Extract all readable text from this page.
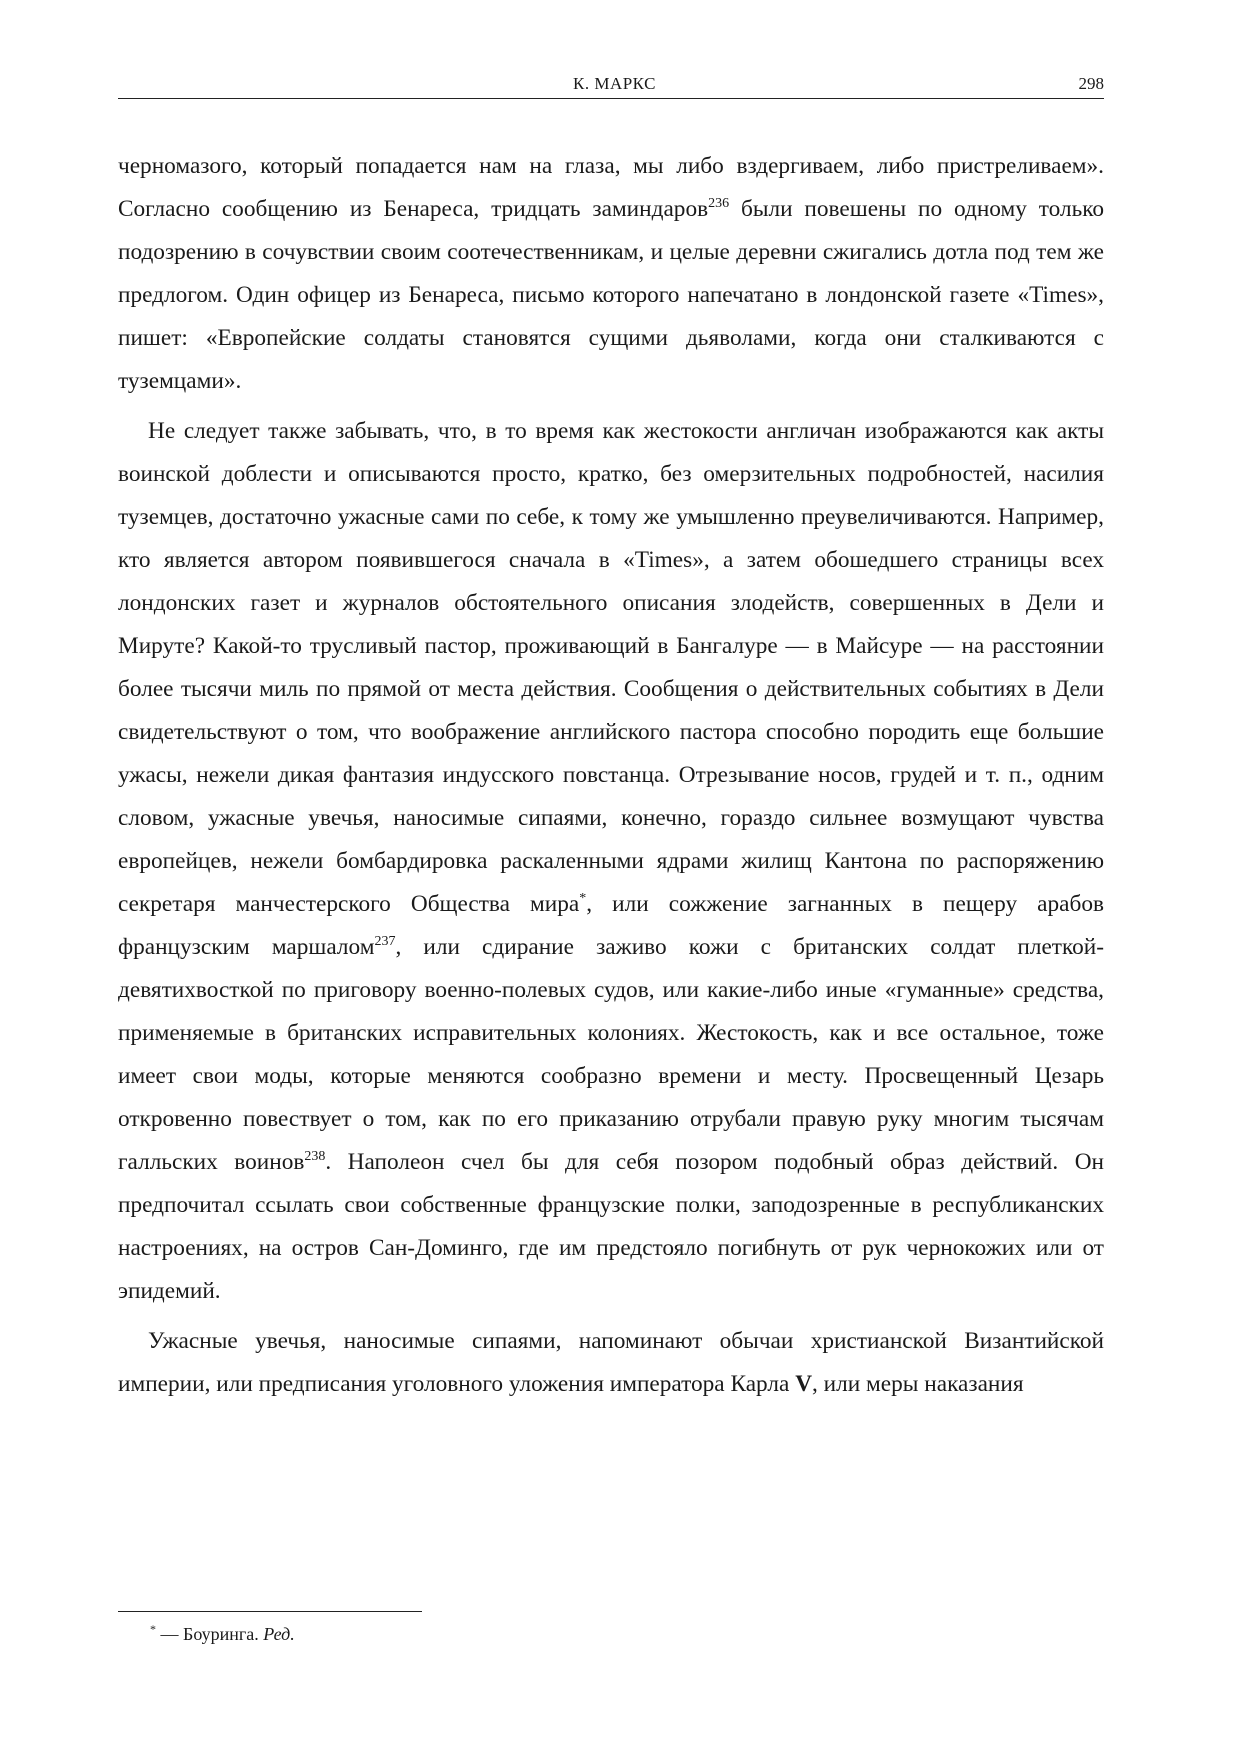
К. МАРКС	298

черномазого, который попадается нам на глаза, мы либо вздергиваем, либо пристреливаем». Согласно сообщению из Бенареса, тридцать заминдаров$^{236}$ были повешены по одному только подозрению в сочувствии своим соотечественникам, и целые деревни сжигались дотла под тем же предлогом. Один офицер из Бенареса, письмо которого напечатано в лондонской газете «Times», пишет: «Европейские солдаты становятся сущими дьяволами, когда они сталкиваются с туземцами».

Не следует также забывать, что, в то время как жестокости англичан изображаются как акты воинской доблести и описываются просто, кратко, без омерзительных подробностей, насилия туземцев, достаточно ужасные сами по себе, к тому же умышленно преувеличиваются. Например, кто является автором появившегося сначала в «Times», а затем обошедшего страницы всех лондонских газет и журналов обстоятельного описания злодейств, совершенных в Дели и Мируте? Какой-то трусливый пастор, проживающий в Бангалуре — в Майсуре — на расстоянии более тысячи миль по прямой от места действия. Сообщения о действительных событиях в Дели свидетельствуют о том, что воображение английского пастора способно породить еще большие ужасы, нежели дикая фантазия индусского повстанца. Отрезывание носов, грудей и т. п., одним словом, ужасные увечья, наносимые сипаями, конечно, гораздо сильнее возмущают чувства европейцев, нежели бомбардировка раскаленными ядрами жилищ Кантона по распоряжению секретаря манчестерского Общества мира*, или сожжение загнанных в пещеру арабов французским маршалом$^{237}$, или сдирание заживо кожи с британских солдат плеткой-девятихвосткой по приговору военно-полевых судов, или какие-либо иные «гуманные» средства, применяемые в британских исправительных колониях. Жестокость, как и все остальное, тоже имеет свои моды, которые меняются сообразно времени и месту. Просвещенный Цезарь откровенно повествует о том, как по его приказанию отрубали правую руку многим тысячам галльских воинов$^{238}$. Наполеон счел бы для себя позором подобный образ действий. Он предпочитал ссылать свои собственные французские полки, заподозренные в республиканских настроениях, на остров Сан-Доминго, где им предстояло погибнуть от рук чернокожих или от эпидемий.

Ужасные увечья, наносимые сипаями, напоминают обычаи христианской Византийской империи, или предписания уголовного уложения императора Карла V, или меры наказания

* — Боуринга. Ред.
